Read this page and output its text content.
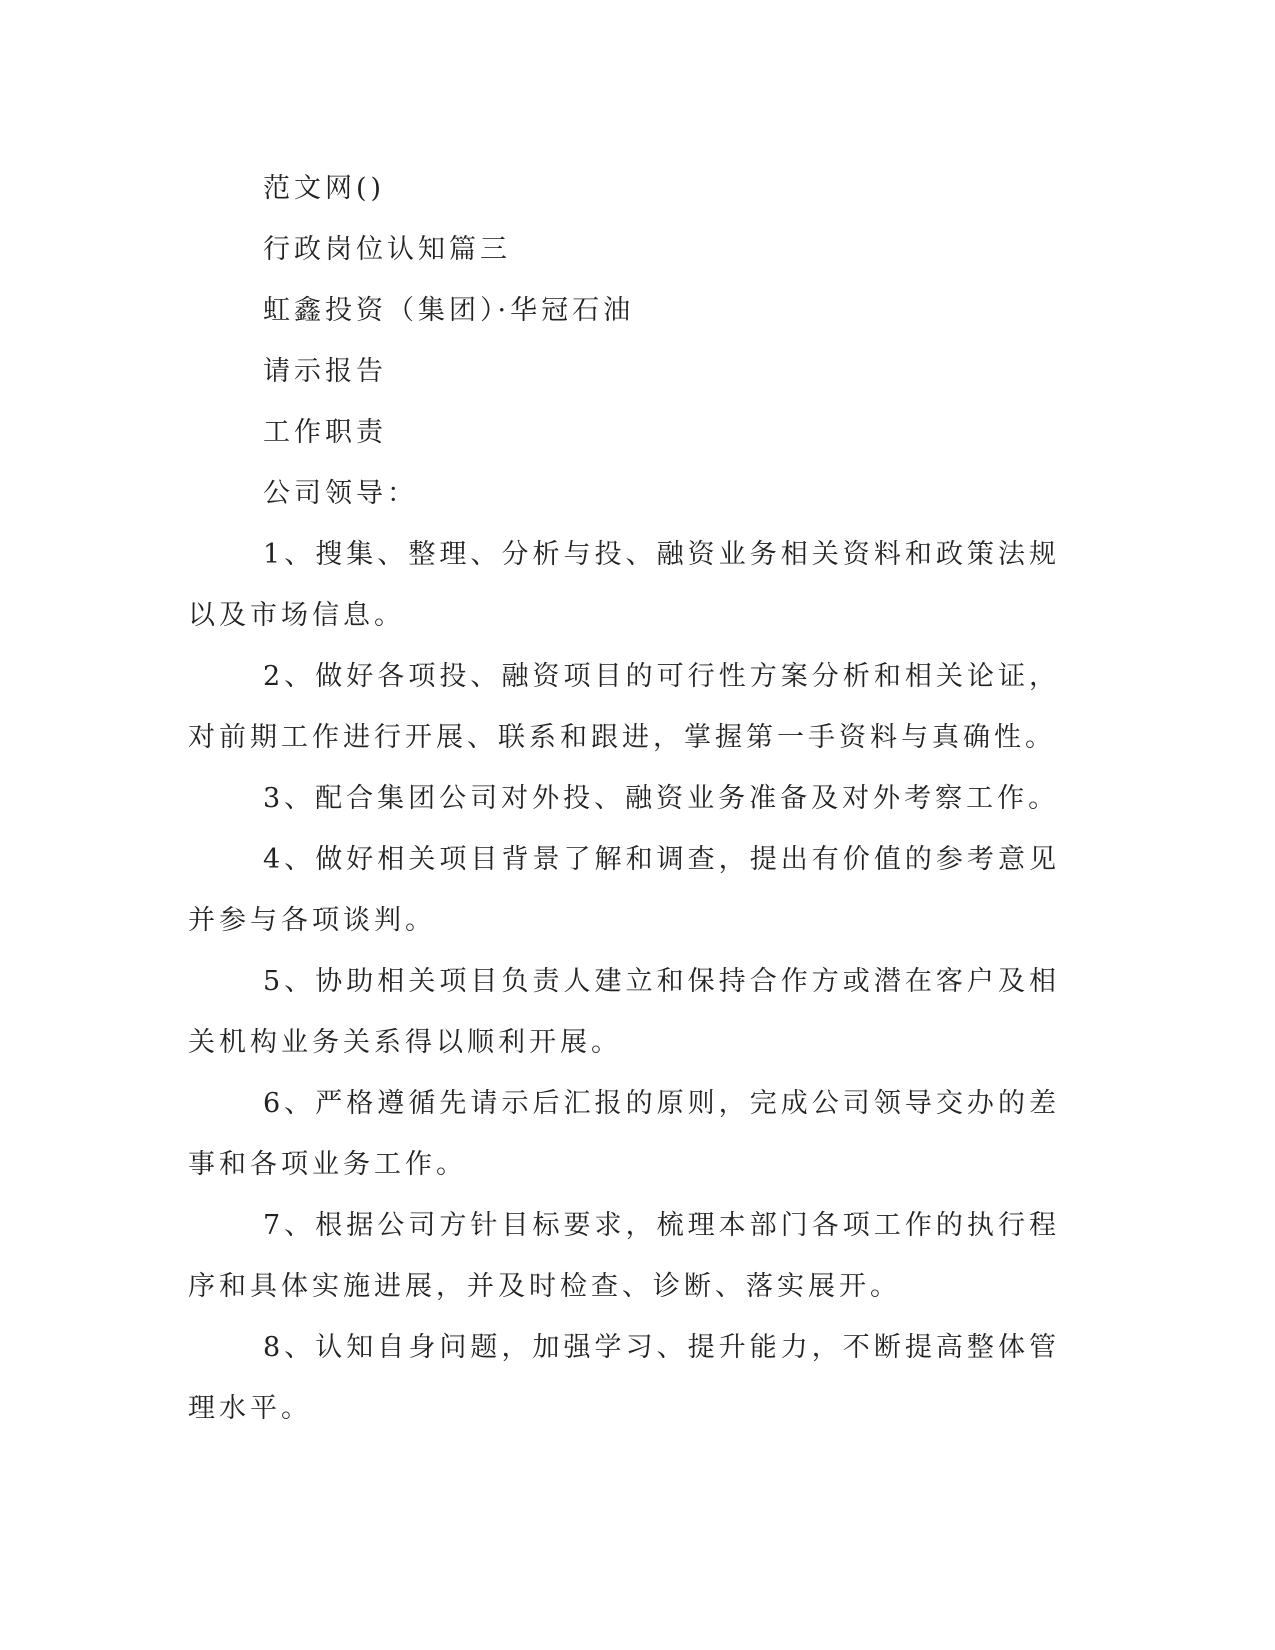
范文网()

行政岗位认知篇三

虹鑫投资（集团）·华冠石油

请示报告

工作职责

公司领导：

1、搜集、整理、分析与投、融资业务相关资料和政策法规以及市场信息。

2、做好各项投、融资项目的可行性方案分析和相关论证，对前期工作进行开展、联系和跟进，掌握第一手资料与真确性。

3、配合集团公司对外投、融资业务准备及对外考察工作。

4、做好相关项目背景了解和调查，提出有价值的参考意见并参与各项谈判。

5、协助相关项目负责人建立和保持合作方或潜在客户及相关机构业务关系得以顺利开展。

6、严格遵循先请示后汇报的原则，完成公司领导交办的差事和各项业务工作。

7、根据公司方针目标要求，梳理本部门各项工作的执行程序和具体实施进展，并及时检查、诊断、落实展开。

8、认知自身问题，加强学习、提升能力，不断提高整体管理水平。
